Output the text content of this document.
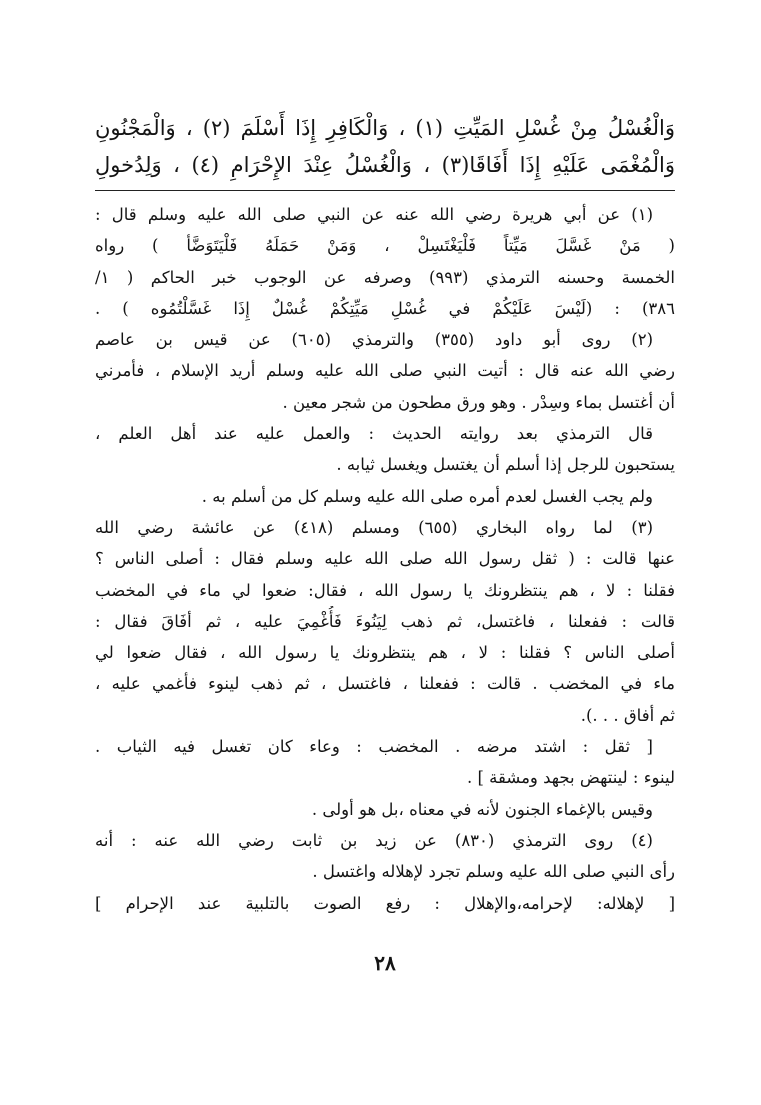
وَالْغُسْلُ مِنْ غُسْلِ المَيِّتِ (١) ، وَالْكَافِرِ إِذَا أَسْلَمَ (٢) ، وَالْمَجْنُونِ
وَالْمُغْمَى عَلَيْهِ إِذَا أَفَاقَا(٣) ، وَالْغُسْلُ عِنْدَ الإِحْرَامِ (٤) ، وَلِدُخولِ
(١) عن أبي هريرة رضي الله عنه عن النبي صلى الله عليه وسلم قال :
( مَنْ غَسَّلَ مَيِّتاً فَلْيَغْتَسِلْ ، وَمَنْ حَمَلَهُ فَلْيَتَوَضَّأ ) رواه
الخمسة وحسنه الترمذي (٩٩٣) وصرفه عن الوجوب خبر الحاكم ( ١/
٣٨٦) : (لَيْسَ عَلَيْكُمْ في غُسْلِ مَيِّتِكُمْ غُسْلٌ إِذَا غَسَّلْتُمُوه ) .
(٢) روى أبو داود (٣٥٥) والترمذي (٦٠٥) عن قيس بن عاصم
رضي الله عنه قال : أتيت النبي صلى الله عليه وسلم أريد الإسلام ، فأمرني
أن أغتسل بماء وسِدْر . وهو ورق مطحون من شجر معين .
قال الترمذي بعد روايته الحديث : والعمل عليه عند أهل العلم ،
يستحبون للرجل إذا أسلم أن يغتسل ويغسل ثيابه .
ولم يجب الغسل لعدم أمره صلى الله عليه وسلم كل من أسلم به .
(٣) لما رواه البخاري (٦٥٥) ومسلم (٤١٨) عن عائشة رضي الله
عنها قالت : ( ثقل رسول الله صلى الله عليه وسلم فقال : أصلى الناس ؟
فقلنا : لا ، هم ينتظرونك يا رسول الله ، فقال: ضعوا لي ماء في المخضب
قالت : ففعلنا ، فاغتسل، ثم ذهب لِيَنُوءَ فَأُغْمِيَ عليه ، ثم أفَاقَ فقال :
أصلى الناس ؟ فقلنا : لا ، هم ينتظرونك يا رسول الله ، فقال ضعوا لي
ماء في المخضب . قالت : ففعلنا ، فاغتسل ، ثم ذهب لينوء فأغمي عليه ،
ثم أفاق . . .).
[ ثقل : اشتد مرضه . المخضب : وعاء كان تغسل فيه الثياب .
لينوء : لينتهض بجهد ومشقة ] .
وقيس بالإغماء الجنون لأنه في معناه ،بل هو أولى .
(٤) روى الترمذي (٨٣٠) عن زيد بن ثابت رضي الله عنه : أنه
رأى النبي صلى الله عليه وسلم تجرد لإهلاله واغتسل .
[ لإهلاله: لإحرامه،والإهلال : رفع الصوت بالتلبية عند الإحرام ]
٢٨
